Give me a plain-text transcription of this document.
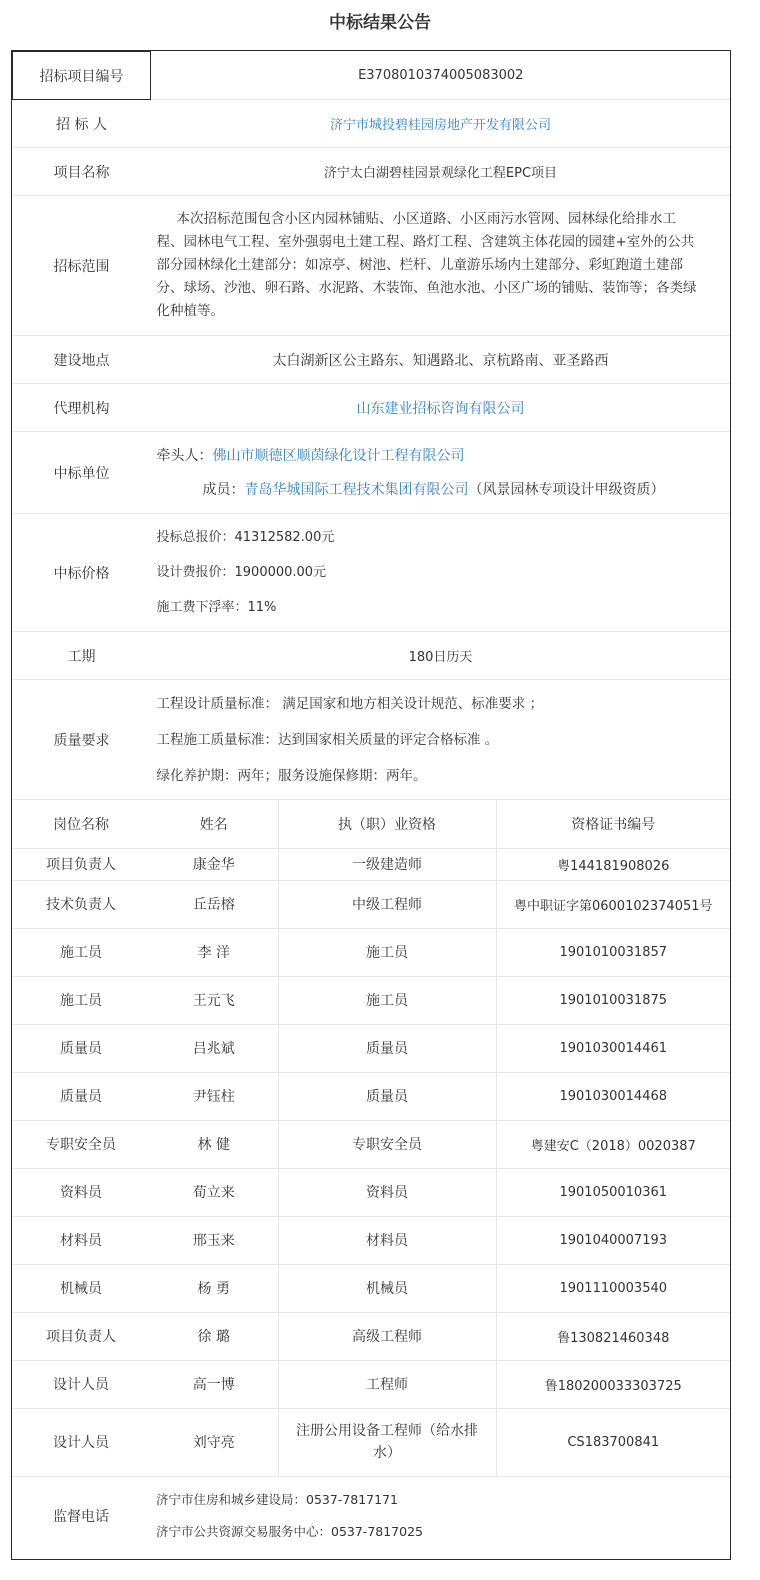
中标结果公告
招标项目编号	E3708010374005083002
招 标 人	济宁市城投碧桂园房地产开发有限公司
项目名称	济宁太白湖碧桂园景观绿化工程EPC项目
招标范围	本次招标范围包含小区内园林铺贴、小区道路、小区雨污水管网、园林绿化给排水工
程、园林电气工程、室外强弱电土建工程、路灯工程、含建筑主体花园的园建+室外的公共
部分园林绿化土建部分：如凉亭、树池、栏杆、儿童游乐场内土建部分、彩虹跑道土建部
分、球场、沙池、卵石路、水泥路、木装饰、鱼池水池、小区广场的铺贴、装饰等；各类绿
化种植等。

建设地点	太白湖新区公主路东、知遇路北、京杭路南、亚圣路西
代理机构	山东建业招标咨询有限公司
中标单位	牵头人：佛山市顺德区顺茵绿化设计工程有限公司
成员：青岛华城国际工程技术集团有限公司（风景园林专项设计甲级资质）

中标价格	投标总报价：41312582.00元
设计费报价：1900000.00元
施工费下浮率：11%

工期	180日历天
质量要求	工程设计质量标准： 满足国家和地方相关设计规范、标准要求 ；
工程施工质量标准：达到国家相关质量的评定合格标准 。
绿化养护期：两年；服务设施保修期：两年。
岗位名称	姓名	执（职）业资格	资格证书编号
项目负责人	康金华	一级建造师	粤144181908026
技术负责人	丘岳榕	中级工程师	粤中职证字第0600102374051号
施工员	李 洋	施工员	1901010031857
施工员	王元飞	施工员	1901010031875
质量员	吕兆斌	质量员	1901030014461
质量员	尹钰柱	质量员	1901030014468
专职安全员	林 健	专职安全员	粤建安C（2018）0020387
资料员	荀立来	资料员	1901050010361
材料员	邢玉来	材料员	1901040007193
机械员	杨 勇	机械员	1901110003540
项目负责人	徐 璐	高级工程师	鲁130821460348
设计人员	高一博	工程师	鲁180200033303725
设计人员	刘守亮	注册公用设备工程师（给水排水）	CS183700841
监督电话	
济宁市住房和城乡建设局：0537-7817171
济宁市公共资源交易服务中心：0537-7817025
